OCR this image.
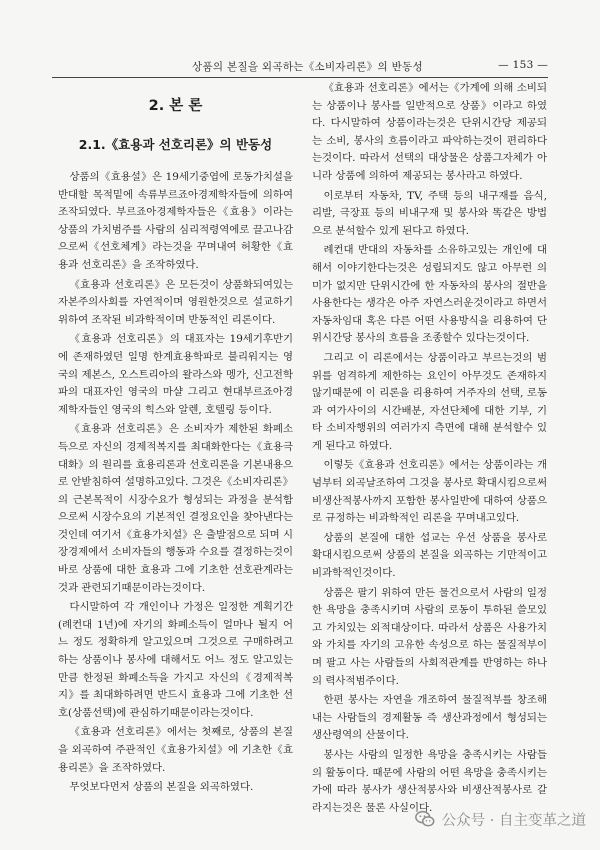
상품의 본질을 외곡하는《소비자리론》의 반동성	— 153 —
2. 본 론
2.1.《효용과 선호리론》의 반동성

상품의《효용설》은 19세기중엽에 로동가치설을 반대할 목적밑에 속류부르죠아경제학자들에 의하여 조작되였다. 부르죠아경제학자들은《효용》이라는 상품의 가치범주를 사람의 심리적령역에로 끌고나감으로써《선호체계》라는것을 꾸며내여 허황한《효용과 선호리론》을 조작하였다.

《효용과 선호리론》은 모든것이 상품화되여있는 자본주의사회를 자연적이며 영원한것으로 설교하기 위하여 조작된 비과학적이며 반동적인 리론이다.

《효용과 선호리론》의 대표자는 19세기후반기에 존재하였던 일명 한계효용학파로 불리워지는 영국의 제본스, 오스트리아의 왈라스와 멩가, 신고전학파의 대표자인 영국의 마샬 그리고 현대부르죠아경제학자들인 영국의 힉스와 알렌, 호텔링 등이다.

《효용과 선호리론》은 소비자가 제한된 화폐소득으로 자신의 경제적복지를 최대화한다는《효용극대화》의 원리를 효용리론과 선호리론을 기본내용으로 안받침하여 설명하고있다. 그것은《소비자리론》의 근본목적이 시장수요가 형성되는 과정을 분석함으로써 시장수요의 기본적인 결정요인을 찾아낸다는것인데 여기서《효용가치설》은 출발점으로 되며 시장경제에서 소비자들의 행동과 수요를 결정하는것이 바로 상품에 대한 효용과 그에 기초한 선호관계라는것과 관련되기때문이라는것이다.

다시말하여 각 개인이나 가정은 일정한 계획기간(례컨대 1년)에 자기의 화폐소득이 얼마나 될지 어느 정도 정확하게 알고있으며 그것으로 구매하려고 하는 상품이나 봉사에 대해서도 어느 정도 알고있는만큼 한정된 화폐소득을 가지고 자신의《경제적복지》를 최대화하려면 반드시 효용과 그에 기초한 선호(상품선택)에 관심하기때문이라는것이다.

《효용과 선호리론》에서는 첫째로, 상품의 본질을 외곡하여 주관적인《효용가치설》에 기초한《효용리론》을 조작하였다.

무엇보다먼저 상품의 본질을 외곡하였다.

《효용과 선호리론》에서는《가계에 의해 소비되는 상품이나 봉사를 일반적으로 상품》이라고 하였다. 다시말하여 상품이라는것은 단위시간당 제공되는 소비, 봉사의 흐름이라고 파악하는것이 편리하다는것이다. 따라서 선택의 대상물은 상품그자체가 아니라 상품에 의하여 제공되는 봉사라고 하였다.

이로부터 자동차, TV, 주택 등의 내구재를 음식, 리발, 극장표 등의 비내구재 및 봉사와 똑같은 방법으로 분석할수 있게 된다고 하였다.

례컨대 반대의 자동차를 소유하고있는 개인에 대해서 이야기한다는것은 성립되지도 않고 아무런 의미가 없지만 단위시간에 한 자동차의 봉사의 절반을 사용한다는 생각은 아주 자연스러운것이라고 하면서 자동차임대 혹은 다른 어떤 사용방식을 리용하여 단위시간당 봉사의 흐름을 조종할수 있다는것이다.

그리고 이 리론에서는 상품이라고 부르는것의 범위를 엄격하게 제한하는 요인이 아무것도 존재하지 않기때문에 이 리론을 리용하여 거주자의 선택, 로동과 여가사이의 시간배분, 자선단체에 대한 기부, 기타 소비자행위의 여러가지 측면에 대해 분석할수 있게 된다고 하였다.

이렇듯《효용과 선호리론》에서는 상품이라는 개념부터 외곡날조하여 그것을 봉사로 확대시킴으로써 비생산적봉사까지 포함한 봉사일반에 대하여 상품으로 규정하는 비과학적인 리론을 꾸며내고있다.

상품의 본질에 대한 섭교는 우선 상품을 봉사로 확대시킴으로써 상품의 본질을 외곡하는 기만적이고 비과학적인것이다.

상품은 팔기 위하여 만든 물건으로서 사람의 일정한 욕망을 충족시키며 사람의 로동이 투하된 쓸모있고 가치있는 외적대상이다. 따라서 상품은 사용가치와 가치를 자기의 고유한 속성으로 하는 물질적부이며 팔고 사는 사람들의 사회적관계를 반영하는 하나의 력사적범주이다.

한편 봉사는 자연을 개조하여 물질적부를 창조해내는 사람들의 경제활동 즉 생산과정에서 형성되는 생산령역의 산물이다.

봉사는 사람의 일정한 욕망을 충족시키는 사람들의 활동이다. 때문에 사람의 어떤 욕망을 충족시키는가에 따라 봉사가 생산적봉사와 비생산적봉사로 갈라지는것은 물론 사실이다.

公众号 · 自主变革之道
